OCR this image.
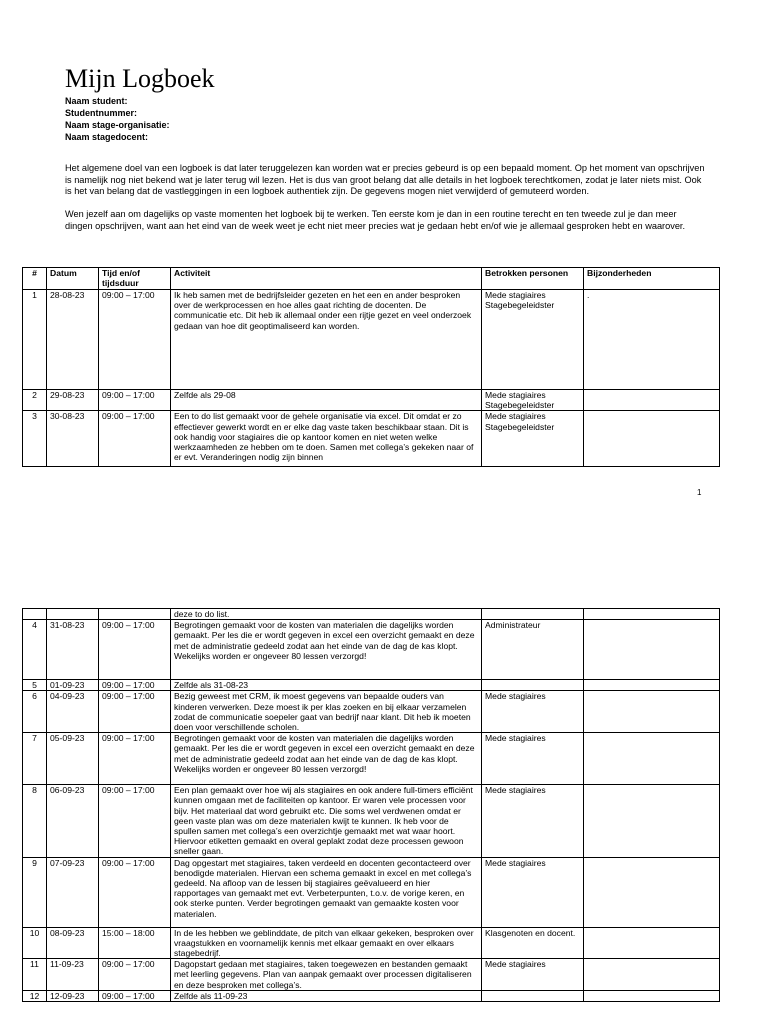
Mijn Logboek
Naam student:
Studentnummer:
Naam stage-organisatie:
Naam stagedocent:

Het algemene doel van een logboek is dat later teruggelezen kan worden wat er precies gebeurd is op een bepaald moment. Op het moment van opschrijven is namelijk nog niet bekend wat je later terug wil lezen. Het is dus van groot belang dat alle details in het logboek terechtkomen, zodat je later niets mist. Ook is het van belang dat de vastleggingen in een logboek authentiek zijn. De gegevens mogen niet verwijderd of gemuteerd worden.

Wen jezelf aan om dagelijks op vaste momenten het logboek bij te werken. Ten eerste kom je dan in een routine terecht en ten tweede zul je dan meer dingen opschrijven, want aan het eind van de week weet je echt niet meer precies wat je gedaan hebt en/of wie je allemaal gesproken hebt en waarover.

#	Datum	Tijd en/of tijdsduur	Activiteit	Betrokken personen	Bijzonderheden
1	28-08-23	09:00 – 17:00	Ik heb samen met de bedrijfsleider gezeten en het een en ander besproken over de werkprocessen en hoe alles gaat richting de docenten. De communicatie etc. Dit heb ik allemaal onder een rijtje gezet en veel onderzoek gedaan van hoe dit geoptimaliseerd kan worden.	Mede stagiaires Stagebegeleidster	.
2	29-08-23	09:00 – 17:00	Zelfde als 29-08	Mede stagiaires Stagebegeleidster	
3	30-08-23	09:00 – 17:00	Een to do list gemaakt voor de gehele organisatie via excel. Dit omdat er zo effectiever gewerkt wordt en er elke dag vaste taken beschikbaar staan. Dit is ook handig voor stagiaires die op kantoor komen en niet weten welke werkzaamheden ze hebben om te doen. Samen met collega’s gekeken naar of er evt. Veranderingen nodig zijn binnen	Mede stagiaires Stagebegeleidster	
1
			deze to do list.		
4	31-08-23	09:00 – 17:00	Begrotingen gemaakt voor de kosten van materialen die dagelijks worden gemaakt. Per les die er wordt gegeven in excel een overzicht gemaakt en deze met de administratie gedeeld zodat aan het einde van de dag de kas klopt. Wekelijks worden er ongeveer 80 lessen verzorgd!	Administrateur	
5	01-09-23	09:00 – 17:00	Zelfde als 31-08-23		
6	04-09-23	09:00 – 17:00	Bezig geweest met CRM, ik moest gegevens van bepaalde ouders van kinderen verwerken. Deze moest ik per klas zoeken en bij elkaar verzamelen zodat de communicatie soepeler gaat van bedrijf naar klant. Dit heb ik moeten doen voor verschillende scholen.	Mede stagiaires	
7	05-09-23	09:00 – 17:00	Begrotingen gemaakt voor de kosten van materialen die dagelijks worden gemaakt. Per les die er wordt gegeven in excel een overzicht gemaakt en deze met de administratie gedeeld zodat aan het einde van de dag de kas klopt. Wekelijks worden er ongeveer 80 lessen verzorgd!	Mede stagiaires	
8	06-09-23	09:00 – 17:00	Een plan gemaakt over hoe wij als stagiaires en ook andere full-timers efficiënt kunnen omgaan met de faciliteiten op kantoor. Er waren vele processen voor bijv. Het materiaal dat word gebruikt etc. Die soms wel verdwenen omdat er geen vaste plan was om deze materialen kwijt te kunnen. Ik heb voor de spullen samen met collega’s een overzichtje gemaakt met wat waar hoort. Hiervoor etiketten gemaakt en overal geplakt zodat deze processen gewoon sneller gaan.	Mede stagiaires	
9	07-09-23	09:00 – 17:00	Dag opgestart met stagiaires, taken verdeeld en docenten gecontacteerd over benodigde materialen. Hiervan een schema gemaakt in excel en met collega’s gedeeld. Na afloop van de lessen bij stagiaires geëvalueerd en hier rapportages van gemaakt met evt. Verbeterpunten, t.o.v. de vorige keren, en ook sterke punten. Verder begrotingen gemaakt van gemaakte kosten voor materialen.	Mede stagiaires	
10	08-09-23	15:00 – 18:00	In de les hebben we geblinddate, de pitch van elkaar gekeken, besproken over vraagstukken en voornamelijk kennis met elkaar gemaakt en over elkaars stagebedrijf.	Klasgenoten en docent.	
11	11-09-23	09:00 – 17:00	Dagopstart gedaan met stagiaires, taken toegewezen en bestanden gemaakt met leerling gegevens. Plan van aanpak gemaakt over processen digitaliseren en deze besproken met collega’s.	Mede stagiaires	
12	12-09-23	09:00 – 17:00	Zelfde als 11-09-23		
